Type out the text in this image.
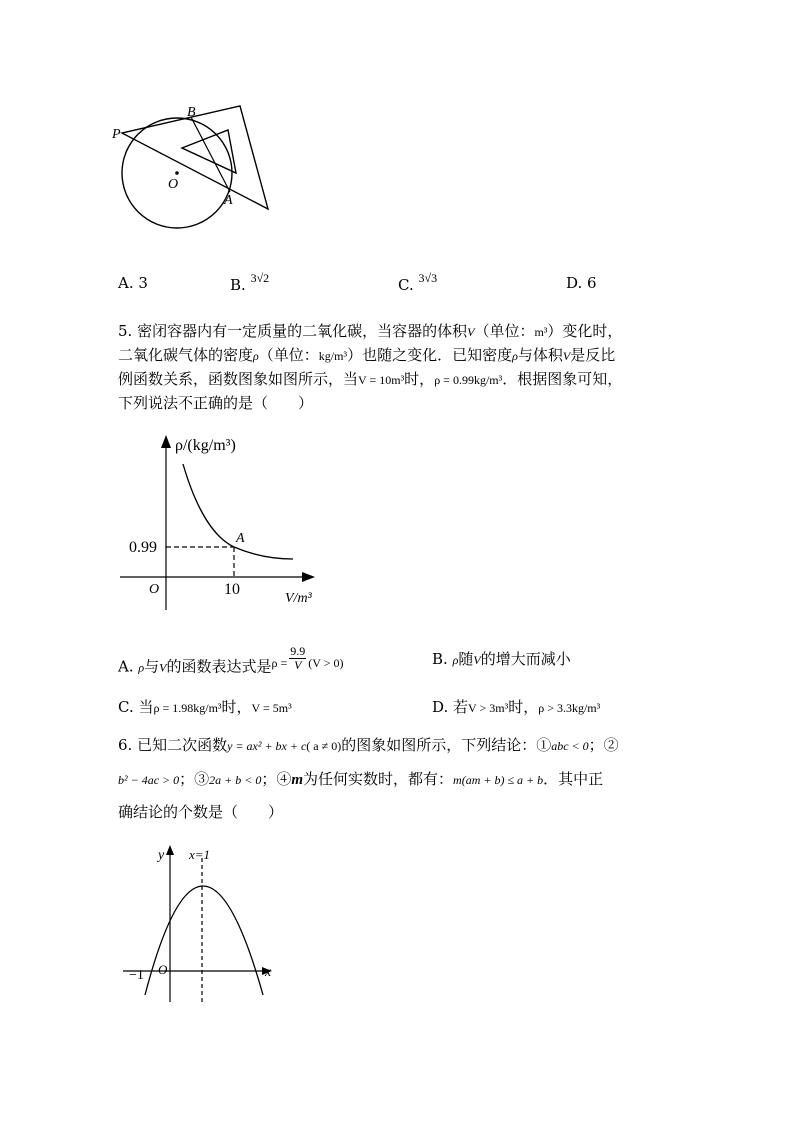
P
B
O
A
A. 3	B. $^{3√2}$	C. $^{3√3}$	D. 6
5. 密闭容器内有一定质量的二氧化碳，当容器的体积V（单位：m³）变化时，
二氧化碳气体的密度ρ（单位：kg/m³）也随之变化．已知密度ρ与体积V是反比
例函数关系，函数图象如图所示，当V = 10m³时，ρ = 0.99kg/m³．根据图象可知，
下列说法不正确的是（　　）
ρ/(kg/m³)
0.99
A
O	10
V/m³
A. ρ与V的函数表达式是$^{\rho =} \frac{9.9}{V} ^{(V > 0)}$	B. ρ随V的增大而减小
C. 当ρ = 1.98kg/m³时，V = 5m³	D. 若V > 3m³时，ρ > 3.3kg/m³
6. 已知二次函数y = ax² + bx + c( a ≠ 0)的图象如图所示，下列结论：①abc < 0；②
b² − 4ac > 0；③2a + b < 0；④m为任何实数时，都有：m(am + b) ≤ a + b．其中正
确结论的个数是（　　）
y x=1
−1 O	x
